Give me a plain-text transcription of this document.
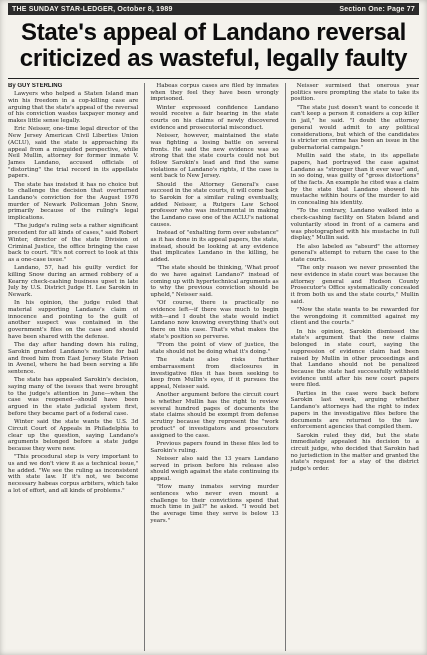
THE SUNDAY STAR-LEDGER, October 8, 1989	Section One: Page 77
State's appeal of Landano reversal
criticized as wasteful, legally faulty

By GUY STERLING

Lawyers who helped a Staten Island man win his freedom in a cop-killing case are arguing that the state's appeal of the reversal of his conviction wastes taxpayer money and makes little sense legally.

Eric Neisser, one-time legal director of the New Jersey American Civil Liberties Union (ACLU), said the state is approaching its appeal from a misguided perspective, while Neil Mullin, attorney for former inmate V. James Landano, accused officials of "distorting" the trial record in its appellate papers.

The state has insisted it has no choice but to challenge the decision that overturned Landano's conviction for the August 1976 murder of Newark Policeman John Snow, primarily because of the ruling's legal implications.

"The judge's ruling sets a rather significant precedent for all kinds of cases," said Robert Winter, director of the state Division of Criminal Justice, the office bringing the case back to court. "It's not correct to look at this as a one-case issue."

Landano, 57, had his guilty verdict for killing Snow during an armed robbery of a Kearny check-cashing business upset in late July by U.S. District Judge H. Lee Sarokin in Newark.

In his opinion, the judge ruled that material supporting Landano's claim of innocence and pointing to the guilt of another suspect was contained in the government's files on the case and should have been shared with the defense.

The day after handing down his ruling, Sarokin granted Landano's motion for bail and freed him from East Jersey State Prison in Avenel, where he had been serving a life sentence.

The state has appealed Sarokin's decision, saying many of the issues that were brought to the judge's attention in June—when the case was reopened—should have been argued in the state judicial system first, before they became part of a federal case.

Winter said the state wants the U.S. 3d Circuit Court of Appeals in Philadelphia to clear up the question, saying Landano's arguments belonged before a state judge because they were new.

"This procedural step is very important to us and we don't view it as a technical issue," he added. "We see the ruling as inconsistent with state law. If it's not, we become necessary habeas corpus arbiters, which take a lot of effort, and all kinds of problems."

Habeas corpus cases are filed by inmates when they feel they have been wrongly imprisoned.

Winter expressed confidence Landano would receive a fair hearing in the state courts on his claims of newly discovered evidence and prosecutorial misconduct.

Neisser, however, maintained the state was fighting a losing battle on several fronts. He said the new evidence was so strong that the state courts could not but follow Sarokin's lead and find the same violations of Landano's rights, if the case is sent back to New Jersey.

Should the Attorney General's case succeed in the state courts, it will come back to Sarokin for a similar ruling eventually, added Neisser, a Rutgers Law School professor who was instrumental in making the Landano case one of the ACLU's national causes.

Instead of "exhalting form over substance" as it has done in its appeal papers, the state, instead, should be looking at any evidence that implicates Landano in the killing, he added.

"The state should be thinking, 'What proof do we have against Landano?' instead of coming up with hypertechnical arguments as to why the previous conviction should be upheld," Neisser said.

"Of course, there is practically no evidence left—if there was much to begin with—and I doubt the state would indict Landano now knowing everything that's out there on this case. That's what makes the state's position so perverse.

"From the point of view of justice, the state should not be doing what it's doing."

The state also risks further embarrassment from disclosures in investigative files it has been seeking to keep from Mullin's eyes, if it pursues the appeal, Neisser said.

Another argument before the circuit court is whether Mullin has the right to review several hundred pages of documents the state claims should be exempt from defense scrutiny because they represent the "work product" of investigators and prosecutors assigned to the case.

Previous papers found in these files led to Sarokin's ruling.

Neisser also said the 13 years Landano served in prison before his release also should weigh against the state continuing its appeal.

"How many inmates serving murder sentences who never even mount a challenge to their convictions spend that much time in jail?" he asked. "I would bet the average time they serve is below 13 years."

Neisser surmised that onerous year politics were prompting the state to take its position.

"The state just doesn't want to concede it can't keep a person it considers a cop killer in jail," he said. "I doubt the attorney general would admit to any political considerations, but which of the candidates is stricter on crime has been an issue in the gubernatorial campaign."

Mullin said the state, in its appellate papers, had portrayed the case against Landano as "stronger than it ever was" and, in so doing, was guilty of "gross distortions" of the facts. An example he cited was a claim by the state that Landano showed his mustache within hours of the murder to aid in concealing his identity.

"To the contrary, Landano walked into a check-cashing facility on Staten Island and voluntarily stood in front of a camera and was photographed with his mustache in full display," Mullin said.

He also labeled as "absurd" the attorney general's attempt to return the case to the state courts.

"The only reason we never presented the new evidence in state court was because the attorney general and Hudson County Prosecutor's Office systematically concealed it from both us and the state courts," Mullin said.

"Now the state wants to be rewarded for the wrongdoing it committed against my client and the courts."

In his opinion, Sarokin dismissed the state's argument that the new claims belonged in state court, saying the suppression of evidence claim had been raised by Mullin in other proceedings and that Landano should not be penalized because the state had successfully withheld evidence until after his new court papers were filed.

Parties in the case were back before Sarokin last week, arguing whether Landano's attorneys had the right to index papers in the investigative files before the documents are returned to the law enforcement agencies that compiled them.

Sarokin ruled they did, but the state immediately appealed his decision to a circuit judge, who decided that Sarokin had no jurisdiction in the matter and granted the state's request for a stay of the district judge's order.
